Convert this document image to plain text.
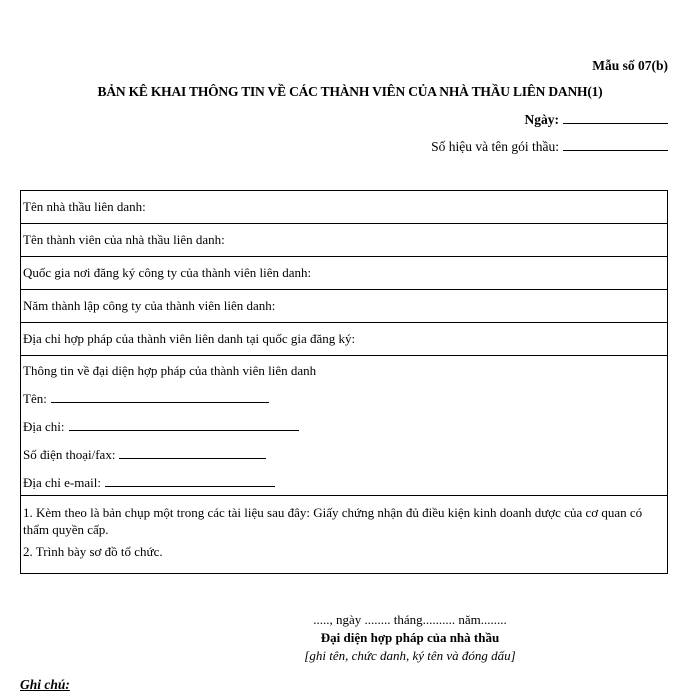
Mẫu số 07(b)
BẢN KÊ KHAI THÔNG TIN VỀ CÁC THÀNH VIÊN CỦA NHÀ THẦU LIÊN DANH(1)
Ngày:
Số hiệu và tên gói thầu:
Tên nhà thầu liên danh:
Tên thành viên của nhà thầu liên danh:
Quốc gia nơi đăng ký công ty của thành viên liên danh:
Năm thành lập công ty của thành viên liên danh:
Địa chỉ hợp pháp của thành viên liên danh tại quốc gia đăng ký:

Thông tin về đại diện hợp pháp của thành viên liên danh
Tên:
Địa chỉ:
Số điện thoại/fax:
Địa chỉ e-mail:

1. Kèm theo là bản chụp một trong các tài liệu sau đây: Giấy chứng nhận đủ điều kiện kinh doanh dược của cơ quan có thẩm quyền cấp.
2. Trình bày sơ đồ tổ chức.
....., ngày ........ tháng.......... năm........
Đại diện hợp pháp của nhà thầu
[ghi tên, chức danh, ký tên và đóng dấu]
Ghi chú:
